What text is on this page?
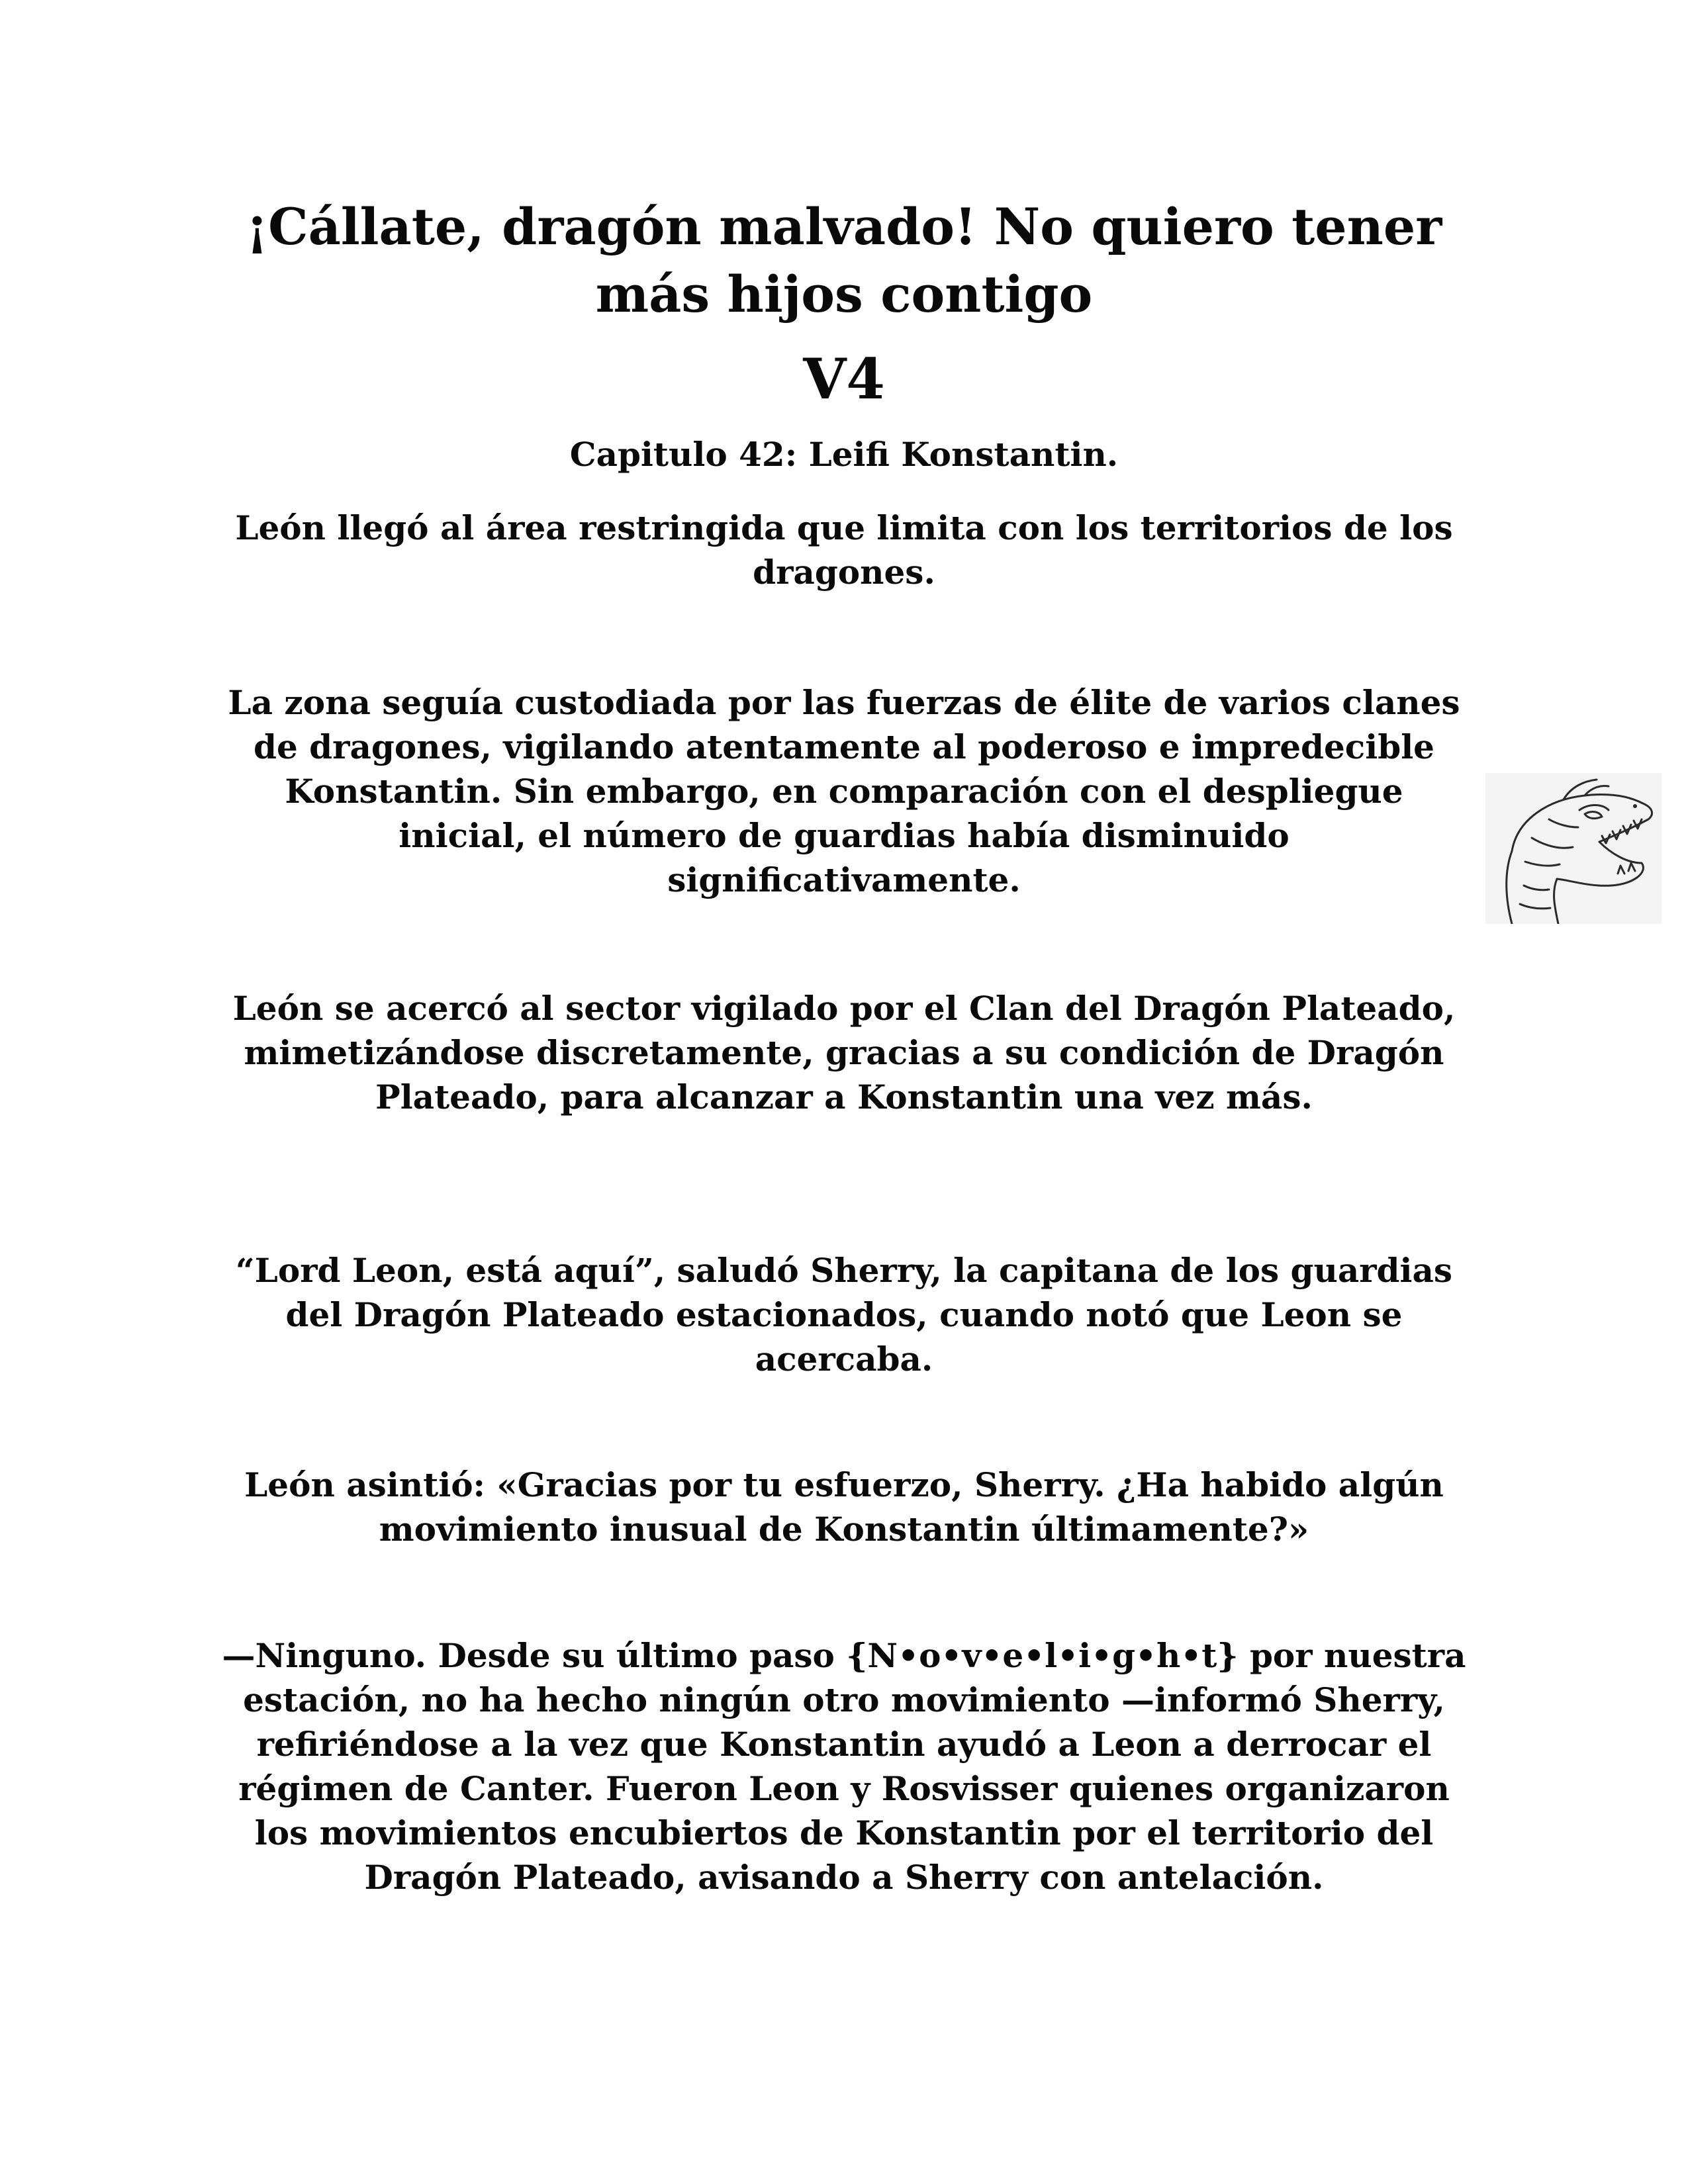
¡Cállate, dragón malvado! No quiero tener más hijos contigo
V4
Capitulo 42: Leifi Konstantin.

León llegó al área restringida que limita con los territorios de los dragones.

La zona seguía custodiada por las fuerzas de élite de varios clanes de dragones, vigilando atentamente al poderoso e impredecible Konstantin. Sin embargo, en comparación con el despliegue inicial, el número de guardias había disminuido significativamente.

León se acercó al sector vigilado por el Clan del Dragón Plateado, mimetizándose discretamente, gracias a su condición de Dragón Plateado, para alcanzar a Konstantin una vez más.

“Lord Leon, está aquí”, saludó Sherry, la capitana de los guardias del Dragón Plateado estacionados, cuando notó que Leon se acercaba.

León asintió: «Gracias por tu esfuerzo, Sherry. ¿Ha habido algún movimiento inusual de Konstantin últimamente?»

—Ninguno. Desde su último paso {N•o•v•e•l•i•g•h•t} por nuestra estación, no ha hecho ningún otro movimiento —informó Sherry, refiriéndose a la vez que Konstantin ayudó a Leon a derrocar el régimen de Canter. Fueron Leon y Rosvisser quienes organizaron los movimientos encubiertos de Konstantin por el territorio del Dragón Plateado, avisando a Sherry con antelación.
